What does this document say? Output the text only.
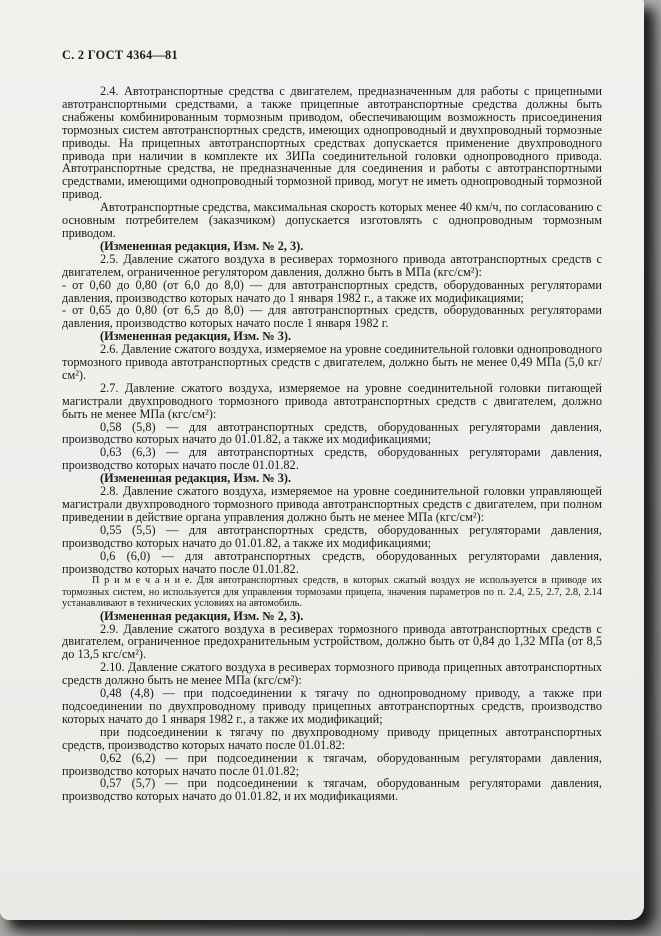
С. 2 ГОСТ 4364—81

2.4. Автотранспортные средства с двигателем, предназначенным для работы с прицепными автотранспортными средствами, а также прицепные автотранспортные средства должны быть снабжены комбинированным тормозным приводом, обеспечивающим возможность присоединения тормозных систем автотранспортных средств, имеющих однопроводный и двухпроводный тормозные приводы. На прицепных автотранспортных средствах допускается применение двухпроводного привода при наличии в комплекте их ЗИПа соединительной головки однопроводного привода. Автотранспортные средства, не предназначенные для соединения и работы с автотранспортными средствами, имеющими однопроводный тормозной привод, могут не иметь однопроводный тормозной привод.

Автотранспортные средства, максимальная скорость которых менее 40 км/ч, по согласованию с основным потребителем (заказчиком) допускается изготовлять с однопроводным тормозным приводом.

(Измененная редакция, Изм. № 2, 3).

2.5. Давление сжатого воздуха в ресиверах тормозного привода автотранспортных средств с двигателем, ограниченное регулятором давления, должно быть в МПа (кгс/см²):

- от 0,60 до 0,80 (от 6,0 до 8,0) — для автотранспортных средств, оборудованных регуляторами давления, производство которых начато до 1 января 1982 г., а также их модификациями;

- от 0,65 до 0,80 (от 6,5 до 8,0) — для автотранспортных средств, оборудованных регуляторами давления, производство которых начато после 1 января 1982 г.

(Измененная редакция, Изм. № 3).

2.6. Давление сжатого воздуха, измеряемое на уровне соединительной головки однопроводного тормозного привода автотранспортных средств с двигателем, должно быть не менее 0,49 МПа (5,0 кг/см²).

2.7. Давление сжатого воздуха, измеряемое на уровне соединительной головки питающей магистрали двухпроводного тормозного привода автотранспортных средств с двигателем, должно быть не менее МПа (кгс/см²):

0,58 (5,8) — для автотранспортных средств, оборудованных регуляторами давления, производство которых начато до 01.01.82, а также их модификациями;

0,63 (6,3) — для автотранспортных средств, оборудованных регуляторами давления, производство которых начато после 01.01.82.

(Измененная редакция, Изм. № 3).

2.8. Давление сжатого воздуха, измеряемое на уровне соединительной головки управляющей магистрали двухпроводного тормозного привода автотранспортных средств с двигателем, при полном приведении в действие органа управления должно быть не менее МПа (кгс/см²):

0,55 (5,5) — для автотранспортных средств, оборудованных регуляторами давления, производство которых начато до 01.01.82, а также их модификациями;

0,6 (6,0) — для автотранспортных средств, оборудованных регуляторами давления, производство которых начато после 01.01.82.

П р и м е ч а н и е. Для автотранспортных средств, в которых сжатый воздух не используется в приводе их тормозных систем, но используется для управления тормозами прицепа, значения параметров по п. 2.4, 2.5, 2.7, 2.8, 2.14 устанавливают в технических условиях на автомобиль.

(Измененная редакция, Изм. № 2, 3).

2.9. Давление сжатого воздуха в ресиверах тормозного привода автотранспортных средств с двигателем, ограниченное предохранительным устройством, должно быть от 0,84 до 1,32 МПа (от 8,5 до 13,5 кгс/см²).

2.10. Давление сжатого воздуха в ресиверах тормозного привода прицепных автотранспортных средств должно быть не менее МПа (кгс/см²):

0,48 (4,8) — при подсоединении к тягачу по однопроводному приводу, а также при подсоединении по двухпроводному приводу прицепных автотранспортных средств, производство которых начато до 1 января 1982 г., а также их модификаций;

при подсоединении к тягачу по двухпроводному приводу прицепных автотранспортных средств, производство которых начато после 01.01.82:

0,62 (6,2) — при подсоединении к тягачам, оборудованным регуляторами давления, производство которых начато после 01.01.82;

0,57 (5,7) — при подсоединении к тягачам, оборудованным регуляторами давления, производство которых начато до 01.01.82, и их модификациями.
